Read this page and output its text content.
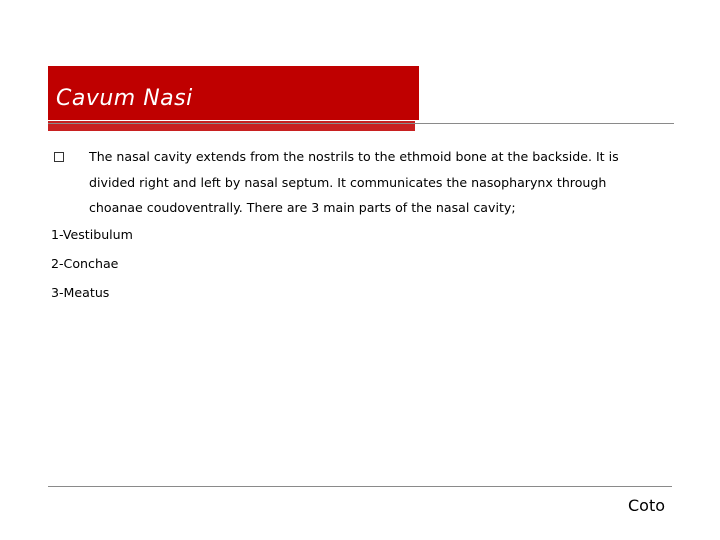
Cavum Nasi
The nasal cavity extends from the nostrils to the ethmoid bone at the backside. It is
divided right and left by nasal septum. It communicates the nasopharynx through
choanae coudoventrally. There are 3 main parts of the nasal cavity;
1-Vestibulum
2-Conchae
3-Meatus
Coto
